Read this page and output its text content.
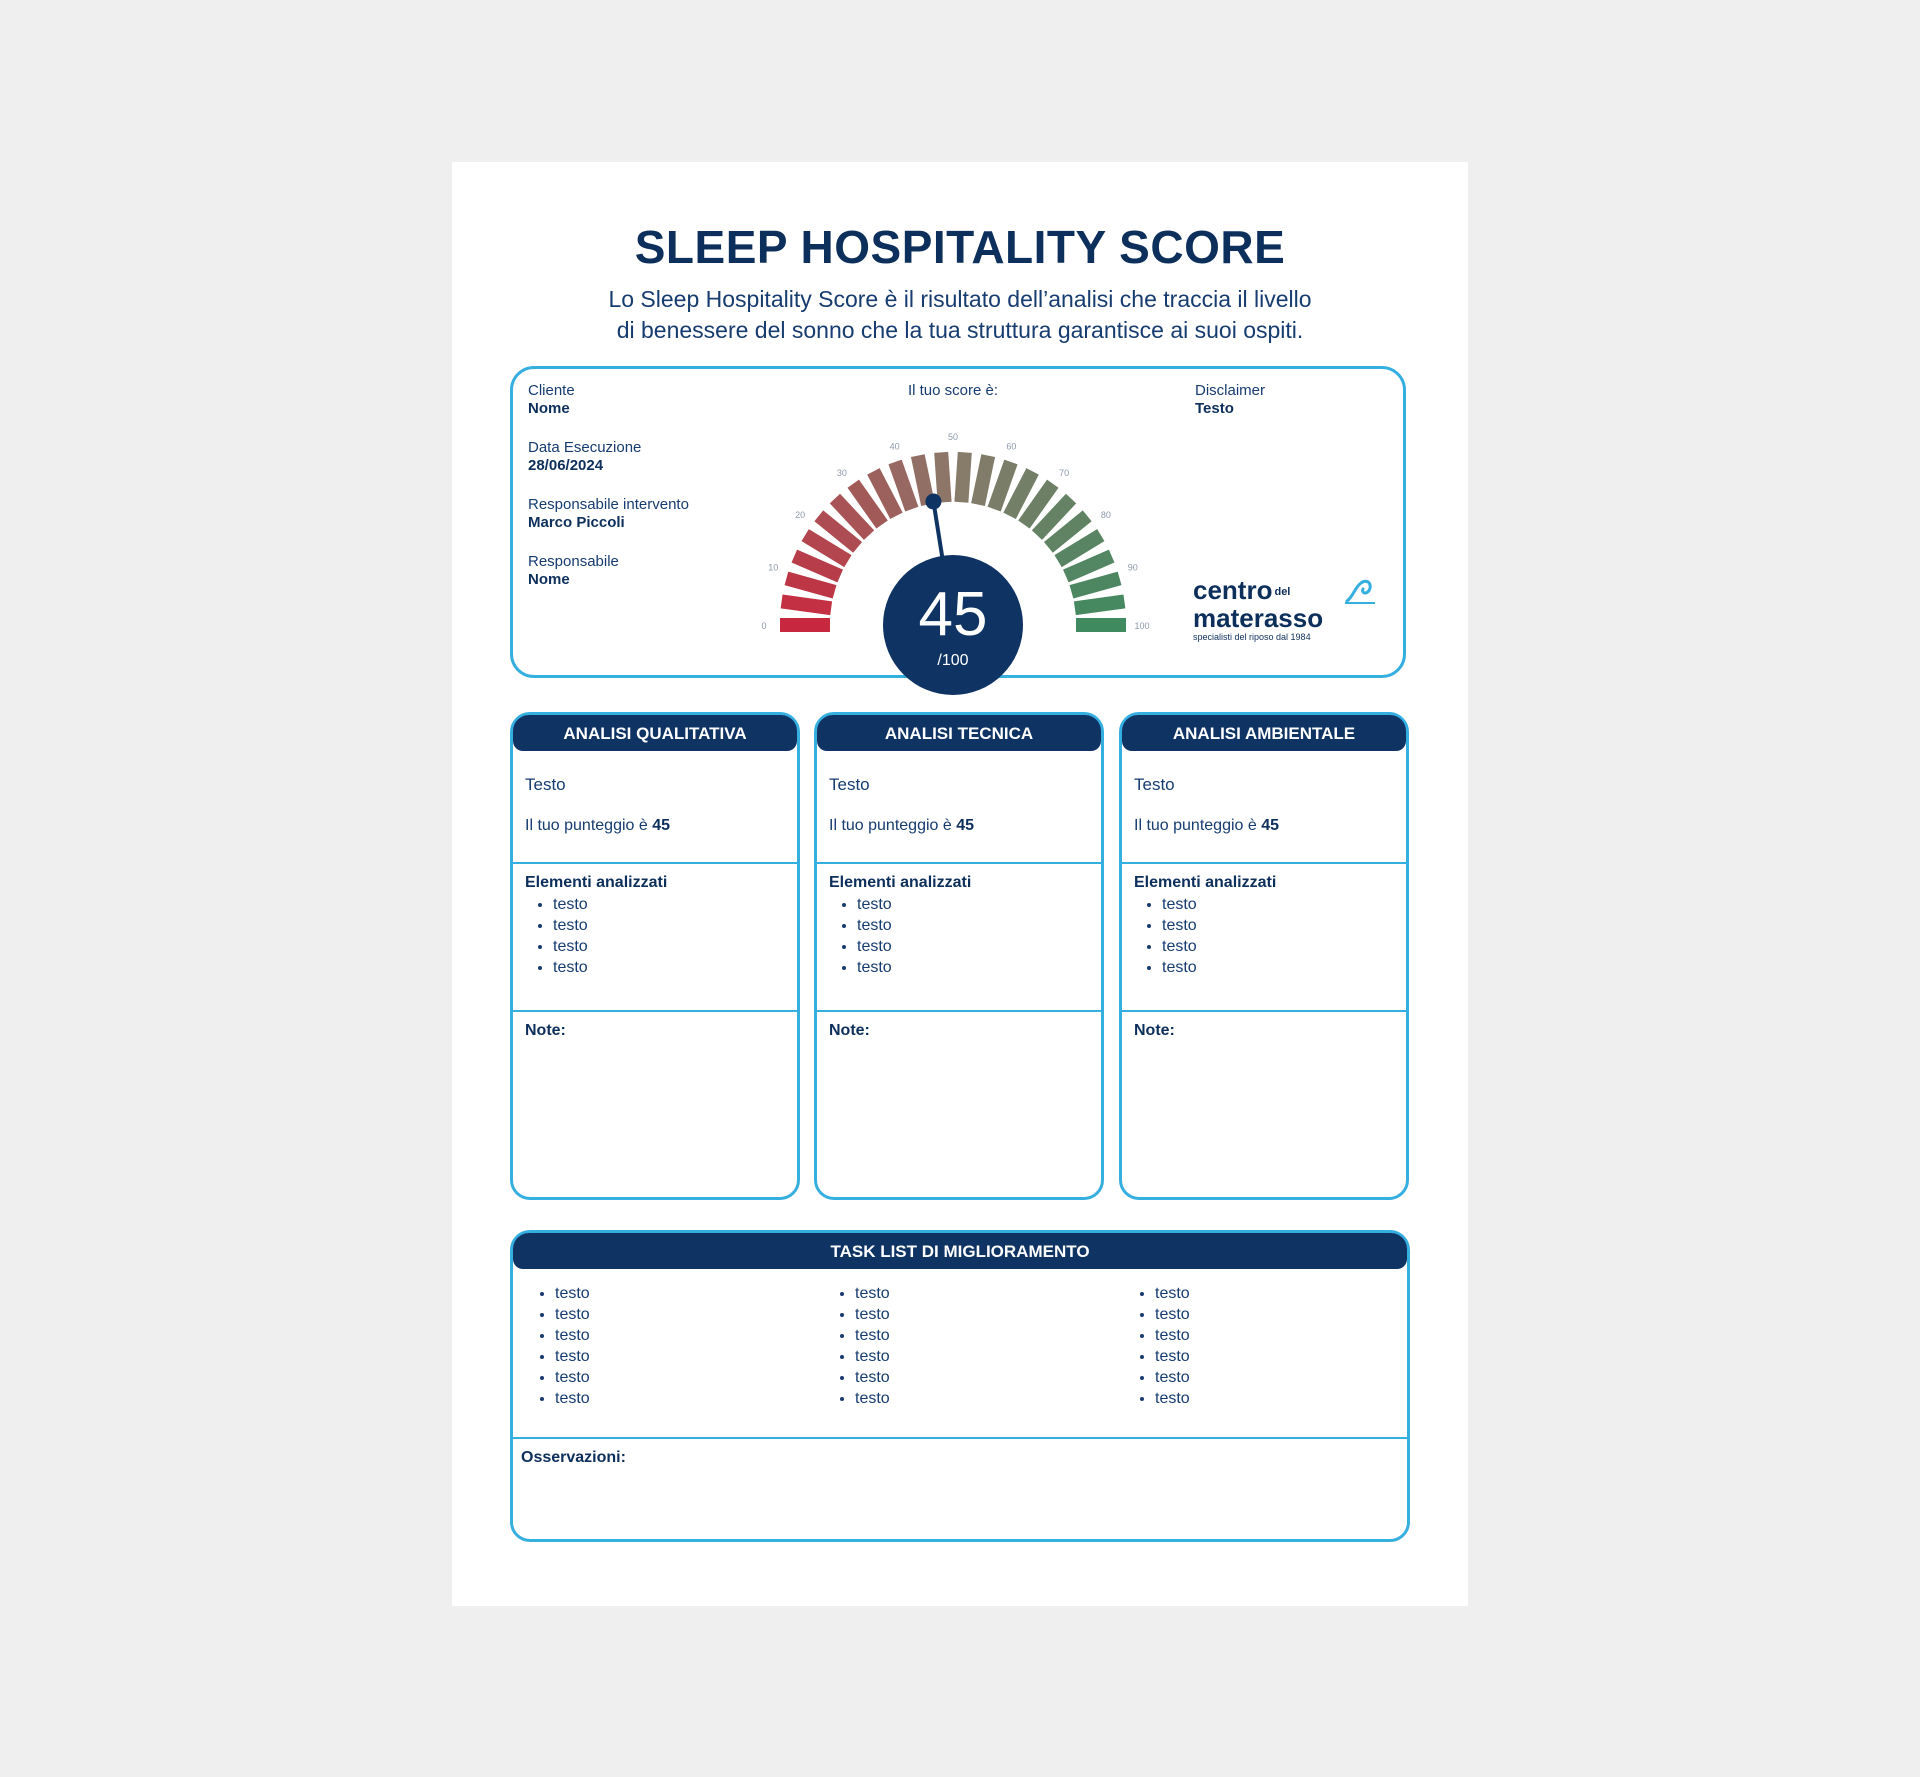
SLEEP HOSPITALITY SCORE
Lo Sleep Hospitality Score è il risultato dell’analisi che traccia il livello
di benessere del sonno che la tua struttura garantisce ai suoi ospiti.
Cliente
Nome
Data Esecuzione
28/06/2024
Responsabile intervento
Marco Piccoli
Responsabile
Nome
Il tuo score è:
0
10
20
30
40
50
60
70
80
90
100
45
/100
Disclaimer
Testo
centro del
materasso
specialisti del riposo dal 1984
ANALISI QUALITATIVA
Testo
Il tuo punteggio è 45
Elementi analizzati
• testo
• testo
• testo
• testo
Note:
ANALISI TECNICA
Testo
Il tuo punteggio è 45
Elementi analizzati
• testo
• testo
• testo
• testo
Note:
ANALISI AMBIENTALE
Testo
Il tuo punteggio è 45
Elementi analizzati
• testo
• testo
• testo
• testo
Note:
TASK LIST DI MIGLIORAMENTO
• testo
• testo
• testo
• testo
• testo
• testo
• testo
• testo
• testo
• testo
• testo
• testo
• testo
• testo
• testo
• testo
• testo
• testo
Osservazioni:
